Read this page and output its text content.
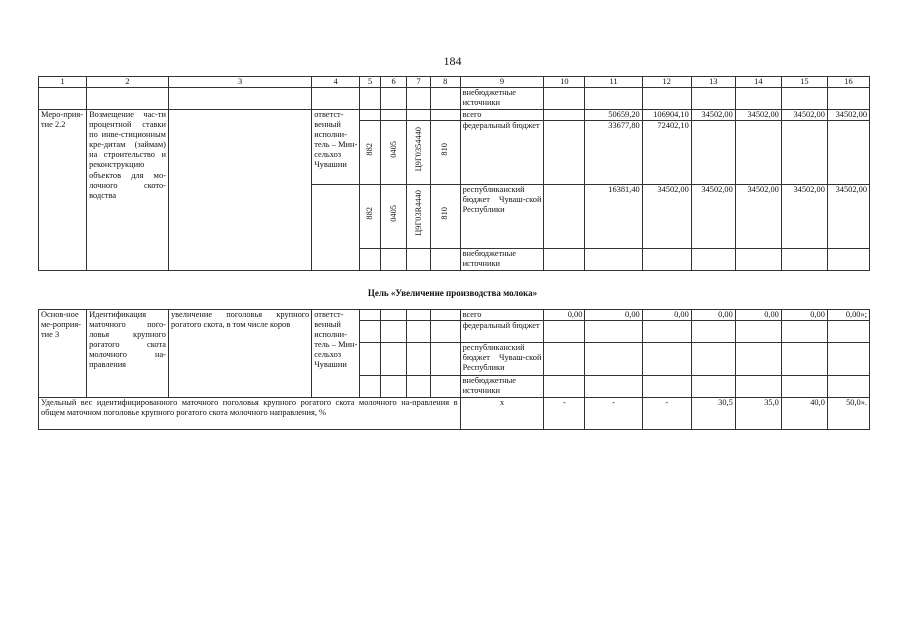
184
1	2	3	4	5	6	7	8	9	10	11	12	13	14	15	16
								внебюджетные источники							
Меро-прия-тие 2.2	Возмещение час-ти процентной ставки по инве-стиционным кре-дитам (займам) на строительство и реконструкцию объектов для мо-лочного ското-водства		ответст-венный исполни-тель – Мин-сельхоз Чувашии					всего		50659,20	106904,10	34502,00	34502,00	34502,00	34502,00

				882	0405	Ц9Г0354440	810	федеральный бюджет		33677,80	72402,10				

				882	0405	Ц9Г03R4440	810	республиканский бюджет Чуваш-ской Республики		16381,40	34502,00	34502,00	34502,00	34502,00	34502,00
								внебюджетные источники							
Цель «Увеличение производства молока»
Основ-ное ме-роприя-тие 3	Идентификация маточного пого-ловья крупного рогатого скота молочного на-правления	увеличение поголовья крупного рогатого скота, в том числе коров	ответст-венный исполни-тель – Мин-сельхоз Чувашии					всего	0,00	0,00	0,00	0,00	0,00	0,00	0,00»;
								федеральный бюджет							
								республиканский бюджет Чуваш-ской Республики							
								внебюджетные источники							
Удельный вес идентифицированного маточного поголовья крупного рогатого скота молочного на-правления в общем маточном поголовье крупного рогатого скота молочного направления, %								х	-	-	-	30,5	35,0	40,0	50,0».
